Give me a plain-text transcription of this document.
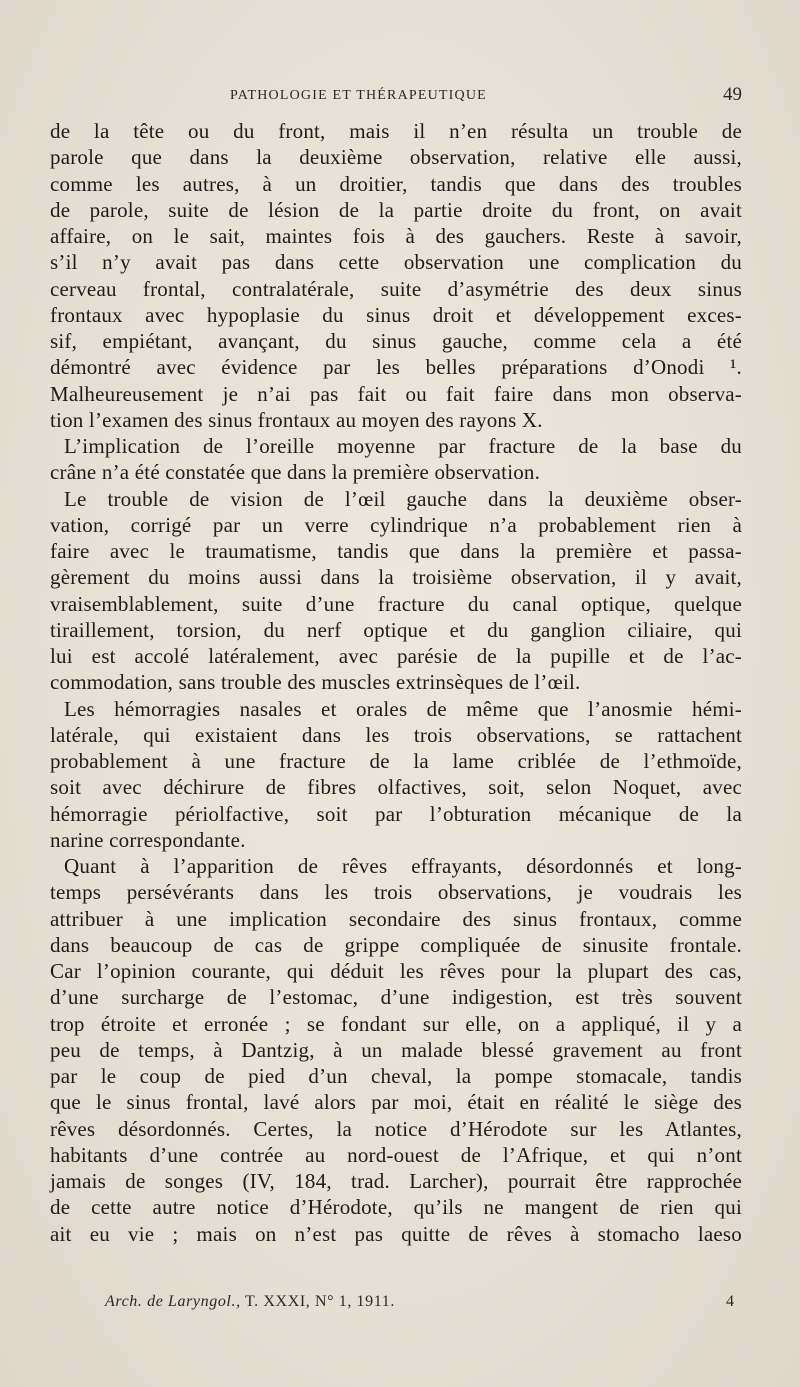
PATHOLOGIE ET THÉRAPEUTIQUE	49
de la tête ou du front, mais il n’en résulta un trouble de
parole que dans la deuxième observation, relative elle aussi,
comme les autres, à un droitier, tandis que dans des troubles
de parole, suite de lésion de la partie droite du front, on avait
affaire, on le sait, maintes fois à des gauchers. Reste à savoir,
s’il n’y avait pas dans cette observation une complication du
cerveau frontal, contralatérale, suite d’asymétrie des deux sinus
frontaux avec hypoplasie du sinus droit et développement exces-
sif, empiétant, avançant, du sinus gauche, comme cela a été
démontré avec évidence par les belles préparations d’Onodi ¹.
Malheureusement je n’ai pas fait ou fait faire dans mon observa-
tion l’examen des sinus frontaux au moyen des rayons X.
L’implication de l’oreille moyenne par fracture de la base du
crâne n’a été constatée que dans la première observation.
Le trouble de vision de l’œil gauche dans la deuxième obser-
vation, corrigé par un verre cylindrique n’a probablement rien à
faire avec le traumatisme, tandis que dans la première et passa-
gèrement du moins aussi dans la troisième observation, il y avait,
vraisemblablement, suite d’une fracture du canal optique, quelque
tiraillement, torsion, du nerf optique et du ganglion ciliaire, qui
lui est accolé latéralement, avec parésie de la pupille et de l’ac-
commodation, sans trouble des muscles extrinsèques de l’œil.
Les hémorragies nasales et orales de même que l’anosmie hémi-
latérale, qui existaient dans les trois observations, se rattachent
probablement à une fracture de la lame criblée de l’ethmoïde,
soit avec déchirure de fibres olfactives, soit, selon Noquet, avec
hémorragie périolfactive, soit par l’obturation mécanique de la
narine correspondante.
Quant à l’apparition de rêves effrayants, désordonnés et long-
temps persévérants dans les trois observations, je voudrais les
attribuer à une implication secondaire des sinus frontaux, comme
dans beaucoup de cas de grippe compliquée de sinusite frontale.
Car l’opinion courante, qui déduit les rêves pour la plupart des cas,
d’une surcharge de l’estomac, d’une indigestion, est très souvent
trop étroite et erronée ; se fondant sur elle, on a appliqué, il y a
peu de temps, à Dantzig, à un malade blessé gravement au front
par le coup de pied d’un cheval, la pompe stomacale, tandis
que le sinus frontal, lavé alors par moi, était en réalité le siège des
rêves désordonnés. Certes, la notice d’Hérodote sur les Atlantes,
habitants d’une contrée au nord-ouest de l’Afrique, et qui n’ont
jamais de songes (IV, 184, trad. Larcher), pourrait être rapprochée
de cette autre notice d’Hérodote, qu’ils ne mangent de rien qui
ait eu vie ; mais on n’est pas quitte de rêves à stomacho laeso
Arch. de Laryngol., T. XXXI, N° 1, 1911.	4
